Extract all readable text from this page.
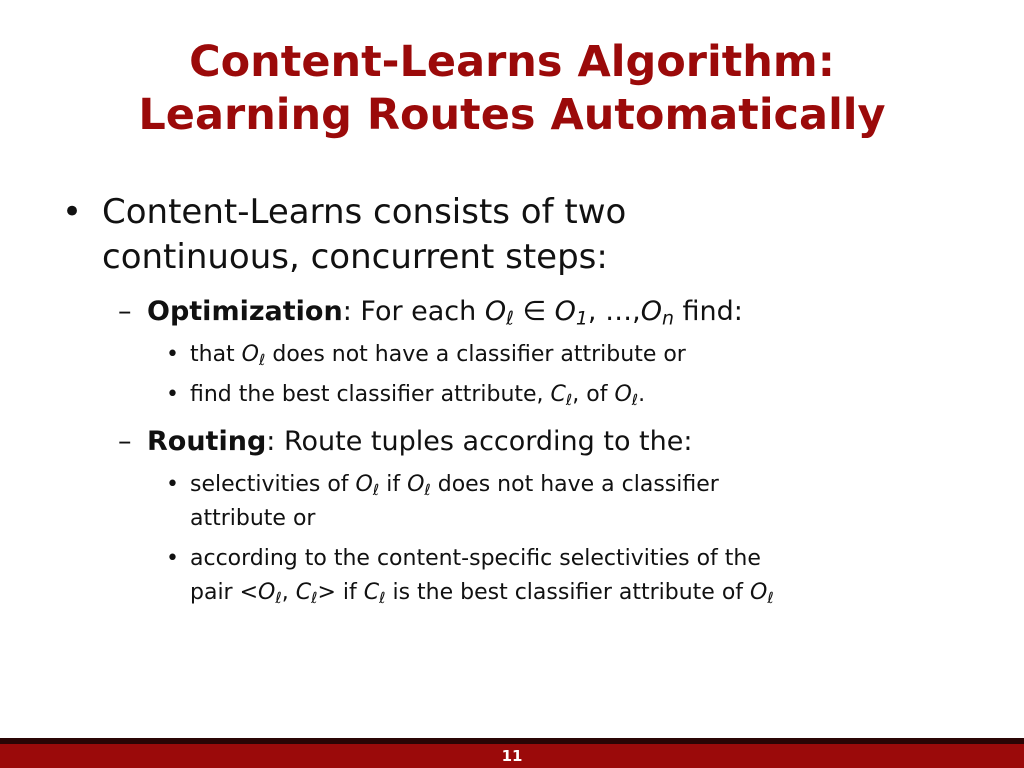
Content-Learns Algorithm:
Learning Routes Automatically
• Content-Learns consists of two
continuous, concurrent steps:
– Optimization: For each $O_\ell$ ∈ $O_1$, $\dots,O_n$ find:
• that $O_\ell$ does not have a classifier attribute or
• find the best classifier attribute, $C_\ell$, of $O_\ell$.
– Routing: Route tuples according to the:
• selectivities of $O_\ell$ if $O_\ell$ does not have a classifier
attribute or
• according to the content-specific selectivities of the
pair $<O_\ell$, $C_\ell>$ if $C_\ell$ is the best classifier attribute of $O_\ell$
11
